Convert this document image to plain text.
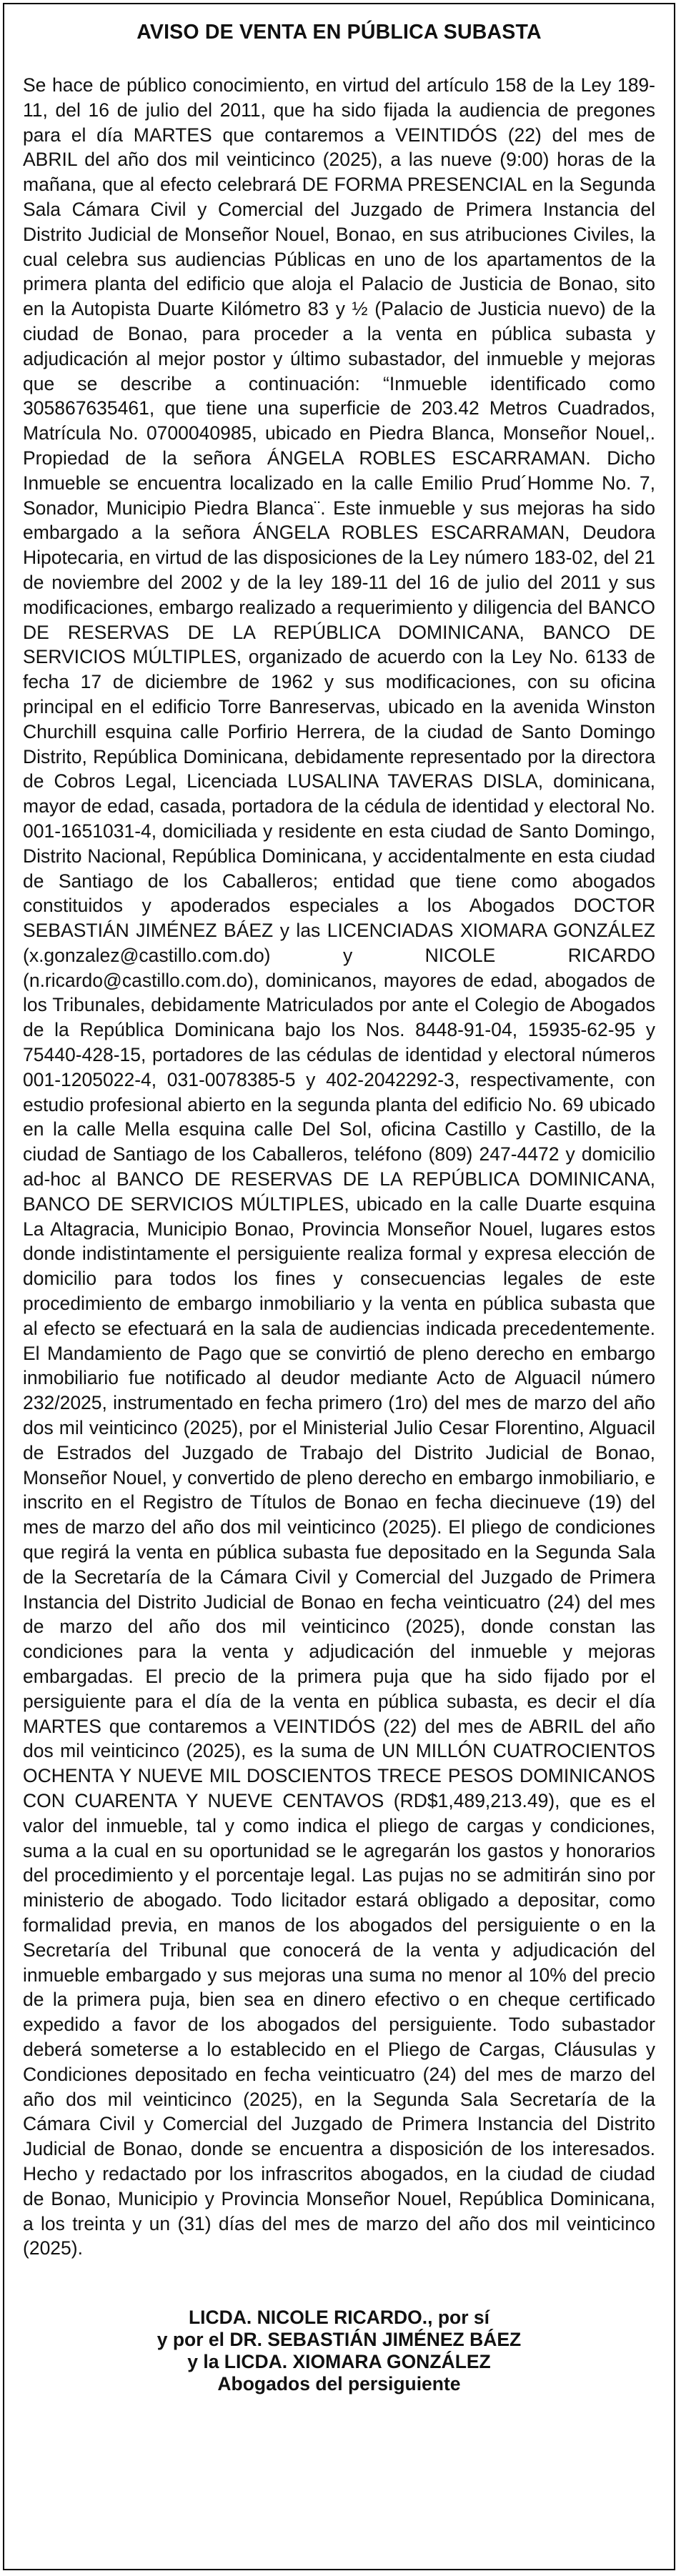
AVISO DE VENTA EN PÚBLICA SUBASTA
Se hace de público conocimiento, en virtud del artículo 158 de la Ley 189-11, del 16 de julio del 2011, que ha sido fijada la audiencia de pregones para el día MARTES que contaremos a VEINTIDÓS (22) del mes de ABRIL del año dos mil veinticinco (2025), a las nueve (9:00) horas de la mañana, que al efecto celebrará DE FORMA PRESENCIAL en la Segunda Sala Cámara Civil y Comercial del Juzgado de Primera Instancia del Distrito Judicial de Monseñor Nouel, Bonao, en sus atribuciones Civiles, la cual celebra sus audiencias Públicas en uno de los apartamentos de la primera planta del edificio que aloja el Palacio de Justicia de Bonao, sito en la Autopista Duarte Kilómetro 83 y ½ (Palacio de Justicia nuevo) de la ciudad de Bonao, para proceder a la venta en pública subasta y adjudicación al mejor postor y último subastador, del inmueble y mejoras que se describe a continuación: “Inmueble identificado como 305867635461, que tiene una superficie de 203.42 Metros Cuadrados, Matrícula No. 0700040985, ubicado en Piedra Blanca, Monseñor Nouel,. Propiedad de la señora ÁNGELA ROBLES ESCARRAMAN. Dicho Inmueble se encuentra localizado en la calle Emilio Prud´Homme No. 7, Sonador, Municipio Piedra Blanca¨. Este inmueble y sus mejoras ha sido embargado a la señora ÁNGELA ROBLES ESCARRAMAN, Deudora Hipotecaria, en virtud de las disposiciones de la Ley número 183-02, del 21 de noviembre del 2002 y de la ley 189-11 del 16 de julio del 2011 y sus modificaciones, embargo realizado a requerimiento y diligencia del BANCO DE RESERVAS DE LA REPÚBLICA DOMINICANA, BANCO DE SERVICIOS MÚLTIPLES, organizado de acuerdo con la Ley No. 6133 de fecha 17 de diciembre de 1962 y sus modificaciones, con su oficina principal en el edificio Torre Banreservas, ubicado en la avenida Winston Churchill esquina calle Porfirio Herrera, de la ciudad de Santo Domingo Distrito, República Dominicana, debidamente representado por la directora de Cobros Legal, Licenciada LUSALINA TAVERAS DISLA, dominicana, mayor de edad, casada, portadora de la cédula de identidad y electoral No. 001-1651031-4, domiciliada y residente en esta ciudad de Santo Domingo, Distrito Nacional, República Dominicana, y accidentalmente en esta ciudad de Santiago de los Caballeros; entidad que tiene como abogados constituidos y apoderados especiales a los Abogados DOCTOR SEBASTIÁN JIMÉNEZ BÁEZ y las LICENCIADAS XIOMARA GONZÁLEZ (x.gonzalez@castillo.com.do) y NICOLE RICARDO (n.ricardo@castillo.com.do), dominicanos, mayores de edad, abogados de los Tribunales, debidamente Matriculados por ante el Colegio de Abogados de la República Dominicana bajo los Nos. 8448-91-04, 15935-62-95 y 75440-428-15, portadores de las cédulas de identidad y electoral números 001-1205022-4, 031-0078385-5 y 402-2042292-3, respectivamente, con estudio profesional abierto en la segunda planta del edificio No. 69 ubicado en la calle Mella esquina calle Del Sol, oficina Castillo y Castillo, de la ciudad de Santiago de los Caballeros, teléfono (809) 247-4472 y domicilio ad-hoc al BANCO DE RESERVAS DE LA REPÚBLICA DOMINICANA, BANCO DE SERVICIOS MÚLTIPLES, ubicado en la calle Duarte esquina La Altagracia, Municipio Bonao, Provincia Monseñor Nouel, lugares estos donde indistintamente el persiguiente realiza formal y expresa elección de domicilio para todos los fines y consecuencias legales de este procedimiento de embargo inmobiliario y la venta en pública subasta que al efecto se efectuará en la sala de audiencias indicada precedentemente. El Mandamiento de Pago que se convirtió de pleno derecho en embargo inmobiliario fue notificado al deudor mediante Acto de Alguacil número 232/2025, instrumentado en fecha primero (1ro) del mes de marzo del año dos mil veinticinco (2025), por el Ministerial Julio Cesar Florentino, Alguacil de Estrados del Juzgado de Trabajo del Distrito Judicial de Bonao, Monseñor Nouel, y convertido de pleno derecho en embargo inmobiliario, e inscrito en el Registro de Títulos de Bonao en fecha diecinueve (19) del mes de marzo del año dos mil veinticinco (2025). El pliego de condiciones que regirá la venta en pública subasta fue depositado en la Segunda Sala de la Secretaría de la Cámara Civil y Comercial del Juzgado de Primera Instancia del Distrito Judicial de Bonao en fecha veinticuatro (24) del mes de marzo del año dos mil veinticinco (2025), donde constan las condiciones para la venta y adjudicación del inmueble y mejoras embargadas. El precio de la primera puja que ha sido fijado por el persiguiente para el día de la venta en pública subasta, es decir el día MARTES que contaremos a VEINTIDÓS (22) del mes de ABRIL del año dos mil veinticinco (2025), es la suma de UN MILLÓN CUATROCIENTOS OCHENTA Y NUEVE MIL DOSCIENTOS TRECE PESOS DOMINICANOS CON CUARENTA Y NUEVE CENTAVOS (RD$1,489,213.49), que es el valor del inmueble, tal y como indica el pliego de cargas y condiciones, suma a la cual en su oportunidad se le agregarán los gastos y honorarios del procedimiento y el porcentaje legal. Las pujas no se admitirán sino por ministerio de abogado. Todo licitador estará obligado a depositar, como formalidad previa, en manos de los abogados del persiguiente o en la Secretaría del Tribunal que conocerá de la venta y adjudicación del inmueble embargado y sus mejoras una suma no menor al 10% del precio de la primera puja, bien sea en dinero efectivo o en cheque certificado expedido a favor de los abogados del persiguiente. Todo subastador deberá someterse a lo establecido en el Pliego de Cargas, Cláusulas y Condiciones depositado en fecha veinticuatro (24) del mes de marzo del año dos mil veinticinco (2025), en la Segunda Sala Secretaría de la Cámara Civil y Comercial del Juzgado de Primera Instancia del Distrito Judicial de Bonao, donde se encuentra a disposición de los interesados. Hecho y redactado por los infrascritos abogados, en la ciudad de ciudad de Bonao, Municipio y Provincia Monseñor Nouel, República Dominicana, a los treinta y un (31) días del mes de marzo del año dos mil veinticinco (2025).
LICDA. NICOLE RICARDO., por sí
y por el DR. SEBASTIÁN JIMÉNEZ BÁEZ
y la LICDA. XIOMARA GONZÁLEZ
Abogados del persiguiente
